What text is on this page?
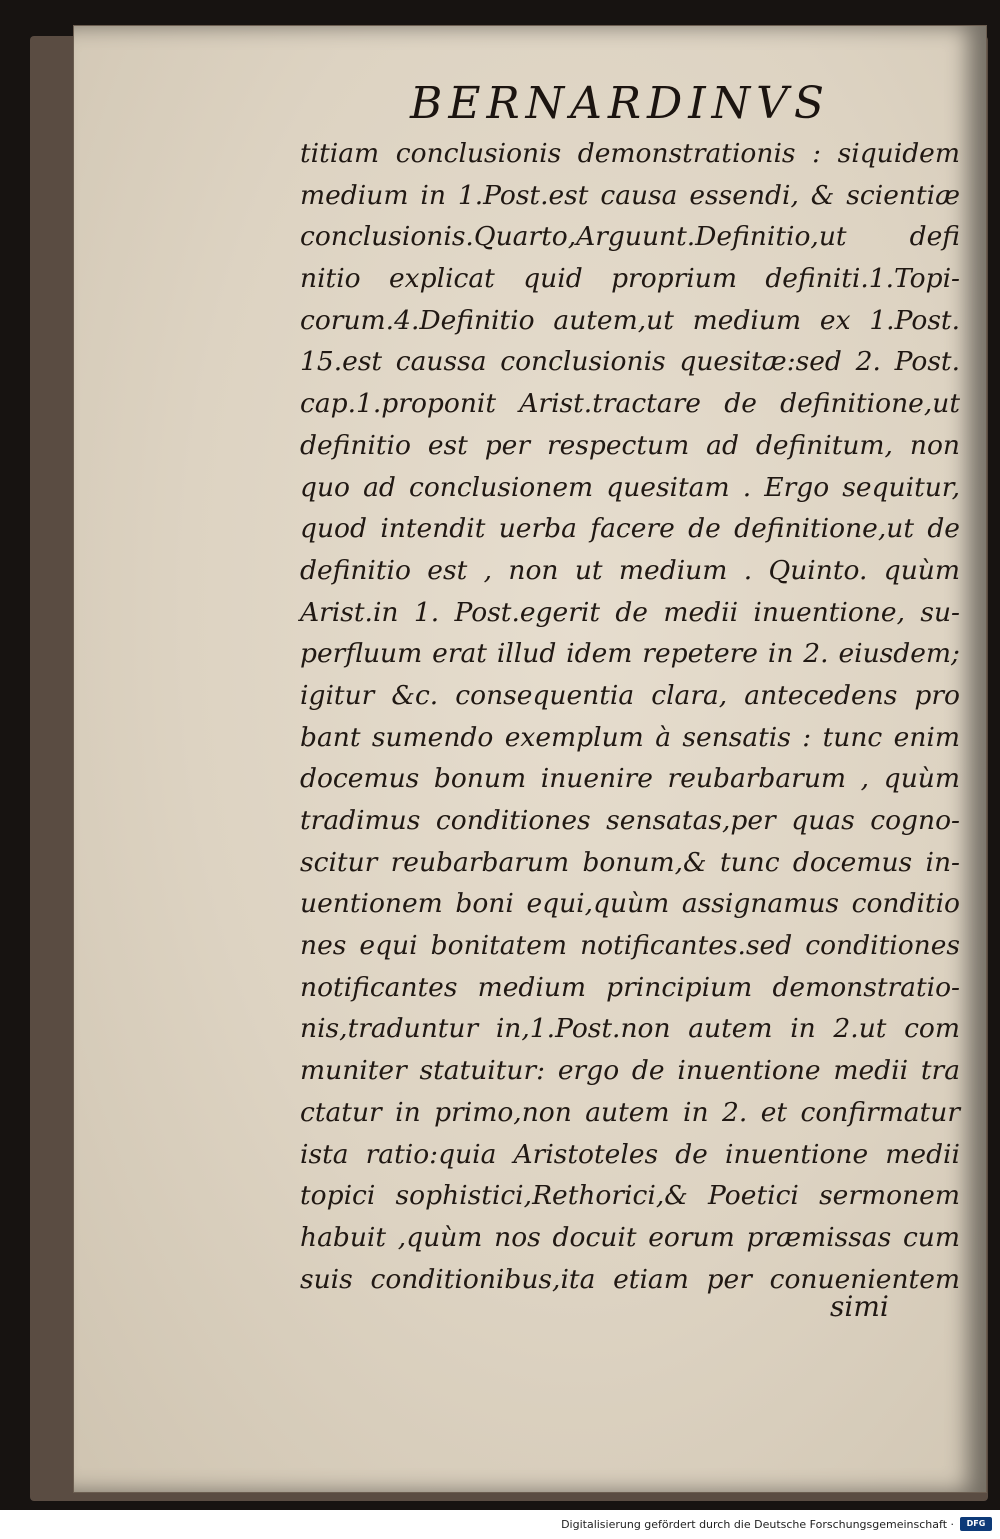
BERNARDINVS
titiam conclusionis demonstrationis : siquidem
medium in 1.Post.est causa essendi, & scientiæ
conclusionis.Quarto,Arguunt.Definitio,ut defi
nitio explicat quid proprium definiti.1.Topi-
corum.4.Definitio autem,ut medium ex 1.Post.
15.est caussa conclusionis quesitæ:sed 2. Post.
cap.1.proponit Arist.tractare de definitione,ut
definitio est per respectum ad definitum, non
quo ad conclusionem quesitam . Ergo sequitur,
quod intendit uerba facere de definitione,ut de
definitio est , non ut medium . Quinto. quùm
Arist.in 1. Post.egerit de medii inuentione, su-
perfluum erat illud idem repetere in 2. eiusdem;
igitur &c. consequentia clara, antecedens pro
bant sumendo exemplum à sensatis : tunc enim
docemus bonum inuenire reubarbarum , quùm
tradimus conditiones sensatas,per quas cogno-
scitur reubarbarum bonum,& tunc docemus in-
uentionem boni equi,quùm assignamus conditio
nes equi bonitatem notificantes.sed conditiones
notificantes medium principium demonstratio-
nis,traduntur in,1.Post.non autem in 2.ut com
muniter statuitur: ergo de inuentione medii tra
ctatur in primo,non autem in 2. et confirmatur
ista ratio:quia Aristoteles de inuentione medii
topici sophistici,Rethorici,& Poetici sermonem
habuit ,quùm nos docuit eorum præmissas cum
suis conditionibus,ita etiam per conuenientem
simi
Digitalisierung gefördert durch die Deutsche Forschungsgemeinschaft ·	DFG
